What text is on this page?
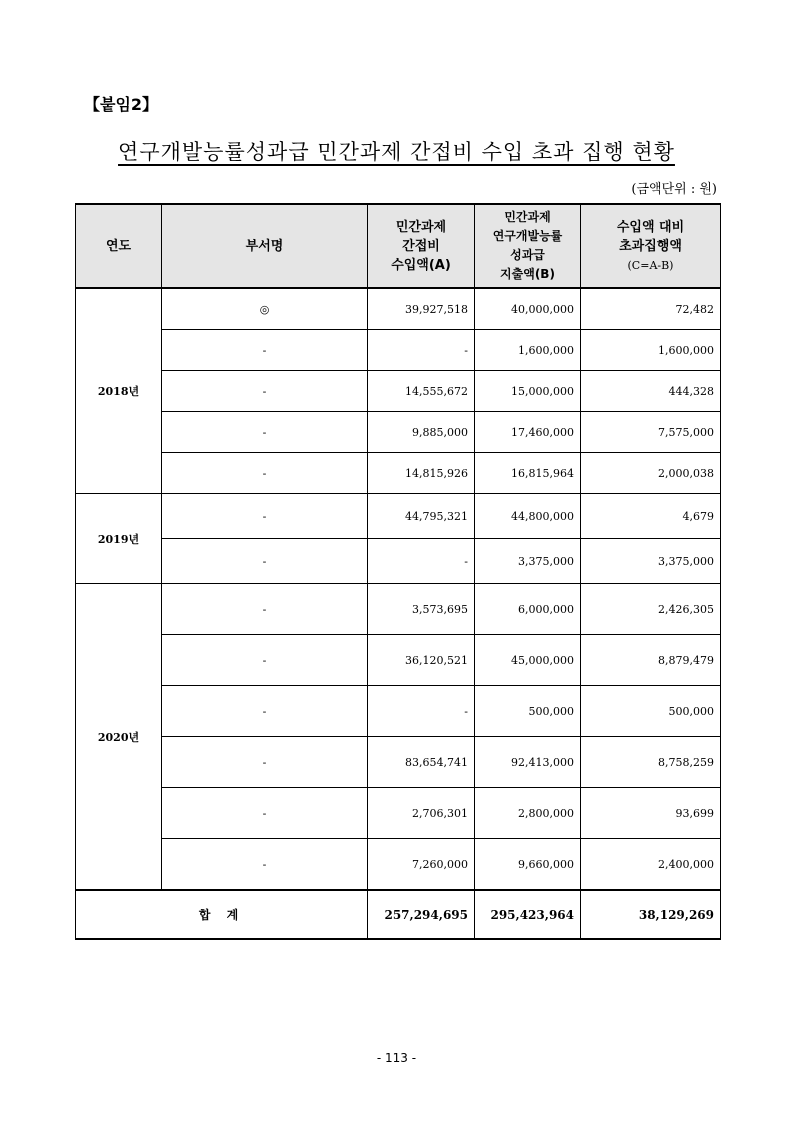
【붙임2】
연구개발능률성과급 민간과제 간접비 수입 초과 집행 현황
(금액단위 : 원)
연도	부서명	민간과제
간접비
수입액(A)	민간과제
연구개발능률
성과급
지출액(B)	수입액 대비
초과집행액
(C=A-B)

2018년	◎	39,927,518	40,000,000	72,482
	-	-	1,600,000	1,600,000
	-	14,555,672	15,000,000	444,328
	-	9,885,000	17,460,000	7,575,000
	-	14,815,926	16,815,964	2,000,038
2019년	-	44,795,321	44,800,000	4,679
	-	-	3,375,000	3,375,000
2020년	-	3,573,695	6,000,000	2,426,305
	-	36,120,521	45,000,000	8,879,479
	-	-	500,000	500,000
	-	83,654,741	92,413,000	8,758,259
	-	2,706,301	2,800,000	93,699
	-	7,260,000	9,660,000	2,400,000
합 계		257,294,695	295,423,964	38,129,269
- 113 -
